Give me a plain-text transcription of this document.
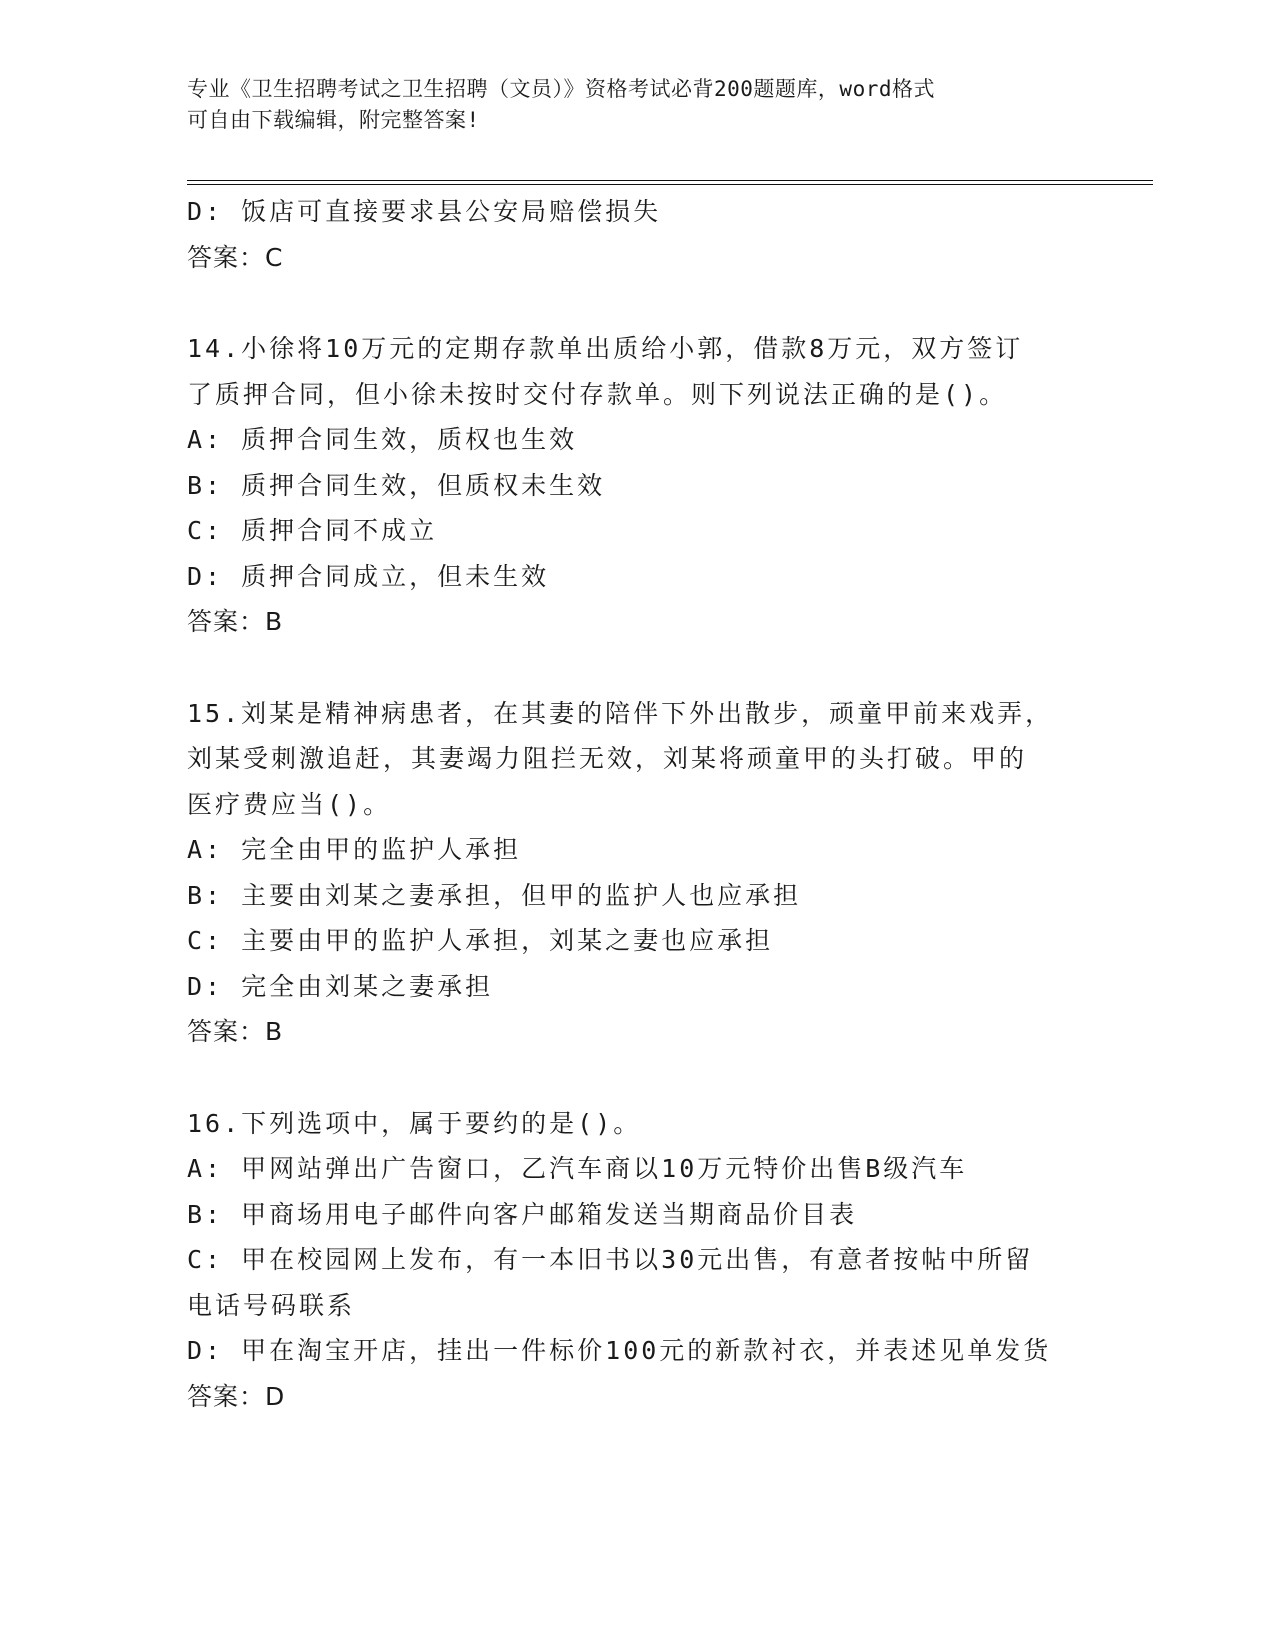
专业《卫生招聘考试之卫生招聘（文员）》资格考试必背200题题库，word格式
可自由下载编辑，附完整答案!
D: 饭店可直接要求县公安局赔偿损失
答案：C
14.小徐将10万元的定期存款单出质给小郭，借款8万元，双方签订
了质押合同，但小徐未按时交付存款单。则下列说法正确的是()。
A: 质押合同生效，质权也生效
B: 质押合同生效，但质权未生效
C: 质押合同不成立
D: 质押合同成立，但未生效
答案：B
15.刘某是精神病患者，在其妻的陪伴下外出散步，顽童甲前来戏弄，
刘某受刺激追赶，其妻竭力阻拦无效，刘某将顽童甲的头打破。甲的
医疗费应当()。
A: 完全由甲的监护人承担
B: 主要由刘某之妻承担，但甲的监护人也应承担
C: 主要由甲的监护人承担，刘某之妻也应承担
D: 完全由刘某之妻承担
答案：B
16.下列选项中，属于要约的是()。
A: 甲网站弹出广告窗口，乙汽车商以10万元特价出售B级汽车
B: 甲商场用电子邮件向客户邮箱发送当期商品价目表
C: 甲在校园网上发布，有一本旧书以30元出售，有意者按帖中所留
电话号码联系
D: 甲在淘宝开店，挂出一件标价100元的新款衬衣，并表述见单发货
答案：D
